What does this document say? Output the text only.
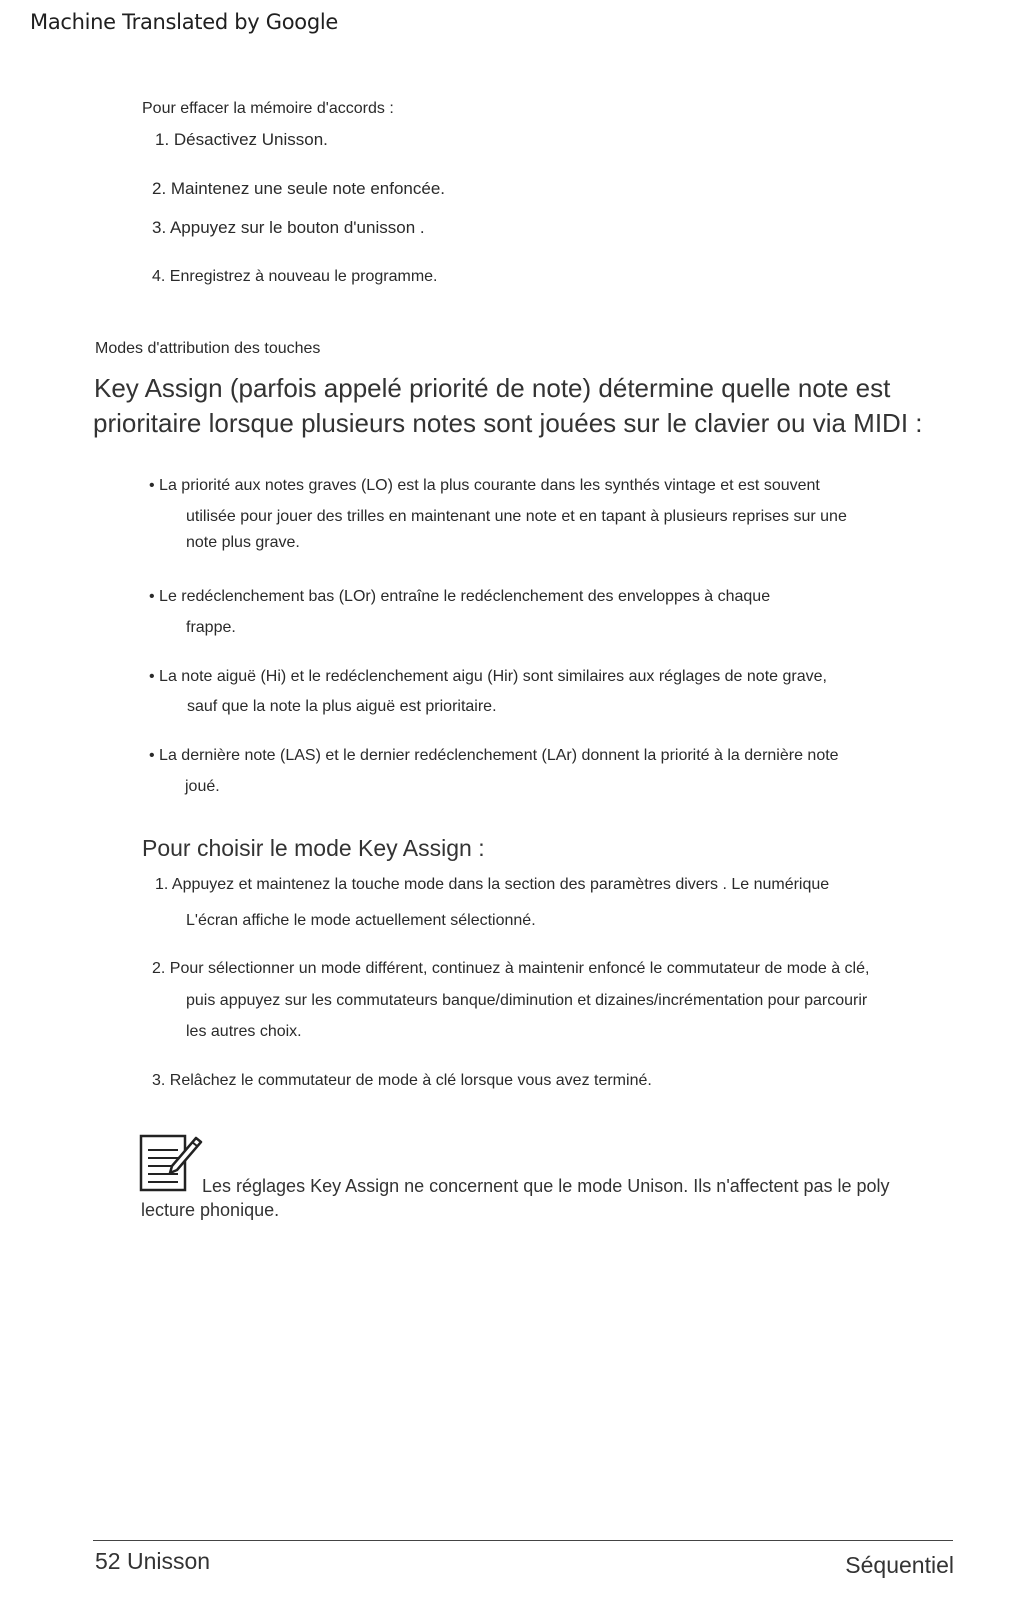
Machine Translated by Google
Pour effacer la mémoire d'accords :
1. Désactivez Unisson.
2. Maintenez une seule note enfoncée.
3. Appuyez sur le bouton d'unisson .
4. Enregistrez à nouveau le programme.
Modes d'attribution des touches
Key Assign (parfois appelé priorité de note) détermine quelle note est
prioritaire lorsque plusieurs notes sont jouées sur le clavier ou via MIDI :
• La priorité aux notes graves (LO) est la plus courante dans les synthés vintage et est souvent
utilisée pour jouer des trilles en maintenant une note et en tapant à plusieurs reprises sur une
note plus grave.
• Le redéclenchement bas (LOr) entraîne le redéclenchement des enveloppes à chaque
frappe.
• La note aiguë (Hi) et le redéclenchement aigu (Hir) sont similaires aux réglages de note grave,
sauf que la note la plus aiguë est prioritaire.
• La dernière note (LAS) et le dernier redéclenchement (LAr) donnent la priorité à la dernière note
joué.
Pour choisir le mode Key Assign :
1. Appuyez et maintenez la touche mode dans la section des paramètres divers . Le numérique
L'écran affiche le mode actuellement sélectionné.
2. Pour sélectionner un mode différent, continuez à maintenir enfoncé le commutateur de mode à clé,
puis appuyez sur les commutateurs banque/diminution et dizaines/incrémentation pour parcourir
les autres choix.
3. Relâchez le commutateur de mode à clé lorsque vous avez terminé.
Les réglages Key Assign ne concernent que le mode Unison. Ils n'affectent pas le poly
lecture phonique.
52 Unisson	Séquentiel
